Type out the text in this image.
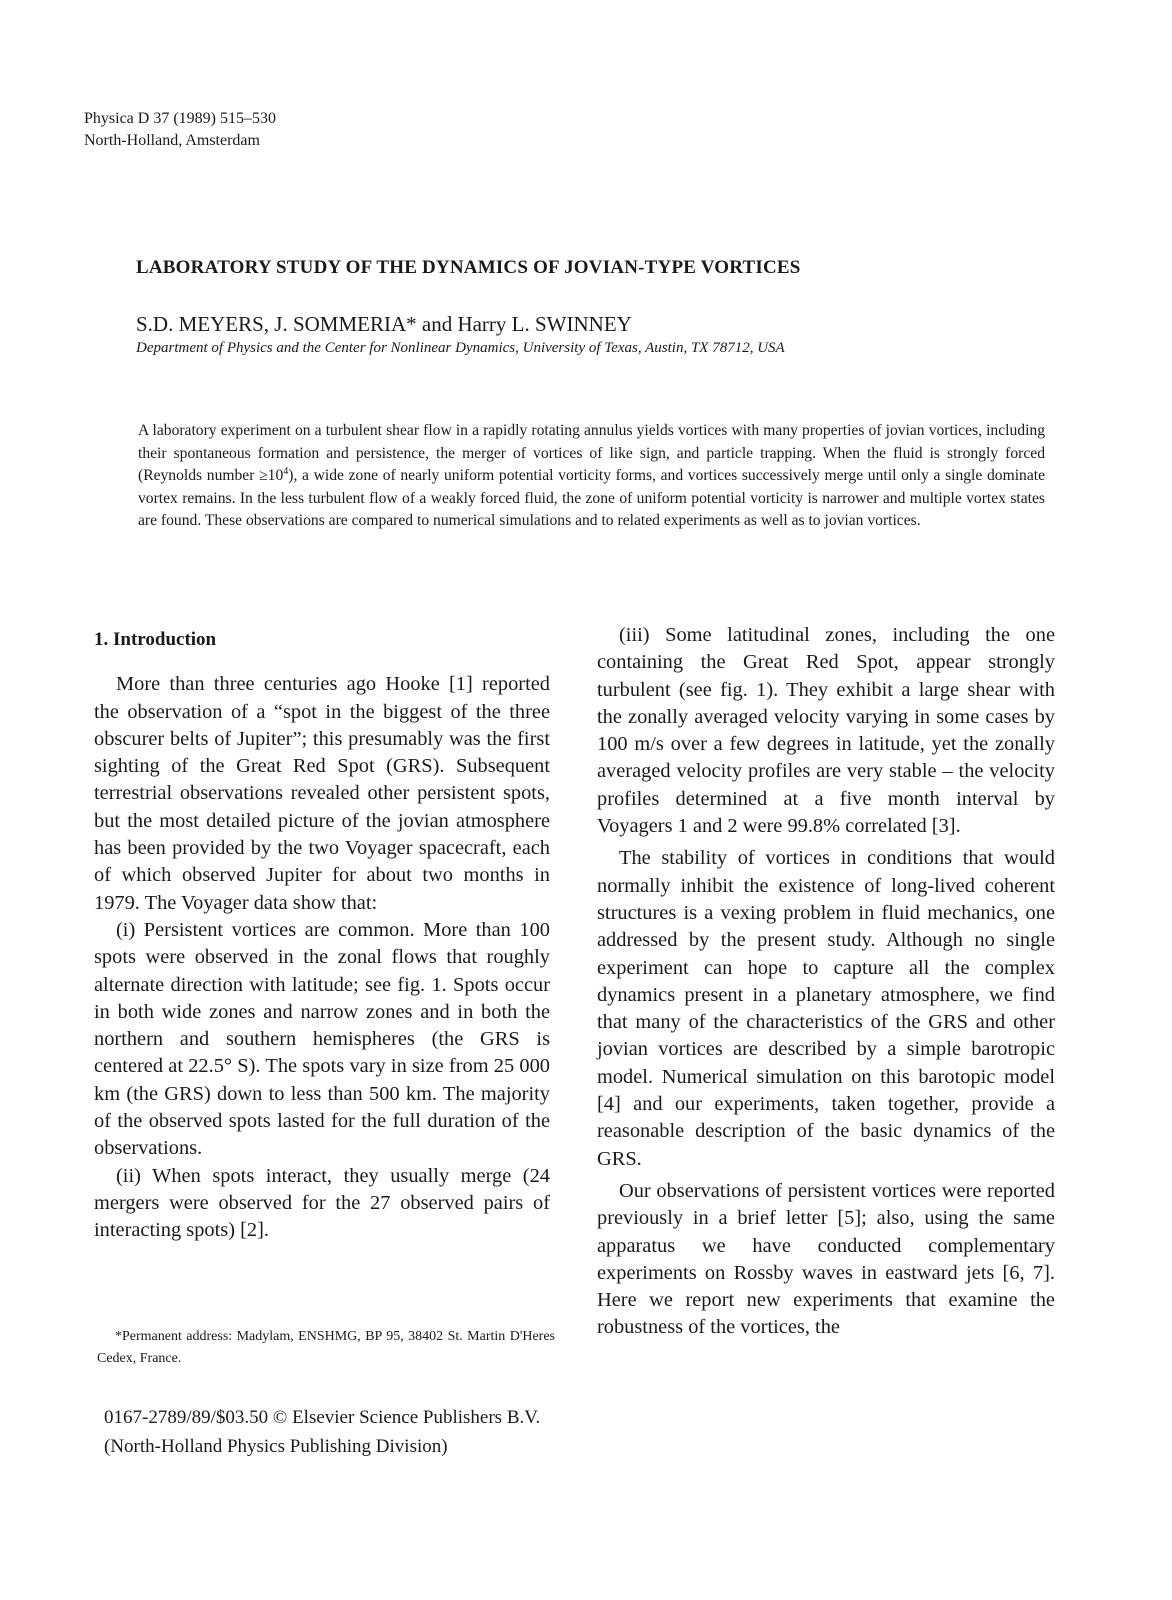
Physica D 37 (1989) 515–530
North-Holland, Amsterdam
LABORATORY STUDY OF THE DYNAMICS OF JOVIAN-TYPE VORTICES
S.D. MEYERS, J. SOMMERIA* and Harry L. SWINNEY
Department of Physics and the Center for Nonlinear Dynamics, University of Texas, Austin, TX 78712, USA
A laboratory experiment on a turbulent shear flow in a rapidly rotating annulus yields vortices with many properties of jovian vortices, including their spontaneous formation and persistence, the merger of vortices of like sign, and particle trapping. When the fluid is strongly forced (Reynolds number $\ge 10^4$), a wide zone of nearly uniform potential vorticity forms, and vortices successively merge until only a single dominate vortex remains. In the less turbulent flow of a weakly forced fluid, the zone of uniform potential vorticity is narrower and multiple vortex states are found. These observations are compared to numerical simulations and to related experiments as well as to jovian vortices.

1. Introduction

More than three centuries ago Hooke [1] reported the observation of a “spot in the biggest of the three obscurer belts of Jupiter”; this presumably was the first sighting of the Great Red Spot (GRS). Subsequent terrestrial observations revealed other persistent spots, but the most detailed picture of the jovian atmosphere has been provided by the two Voyager spacecraft, each of which observed Jupiter for about two months in 1979. The Voyager data show that:

(i) Persistent vortices are common. More than 100 spots were observed in the zonal flows that roughly alternate direction with latitude; see fig. 1. Spots occur in both wide zones and narrow zones and in both the northern and southern hemispheres (the GRS is centered at 22.5° S). The spots vary in size from 25 000 km (the GRS) down to less than 500 km. The majority of the observed spots lasted for the full duration of the observations.

(ii) When spots interact, they usually merge (24 mergers were observed for the 27 observed pairs of interacting spots) [2].

*Permanent address: Madylam, ENSHMG, BP 95, 38402 St. Martin D'Heres Cedex, France.
0167-2789/89/$03.50 © Elsevier Science Publishers B.V.
(North-Holland Physics Publishing Division)

(iii) Some latitudinal zones, including the one containing the Great Red Spot, appear strongly turbulent (see fig. 1). They exhibit a large shear with the zonally averaged velocity varying in some cases by 100 m/s over a few degrees in latitude, yet the zonally averaged velocity profiles are very stable – the velocity profiles determined at a five month interval by Voyagers 1 and 2 were 99.8% correlated [3].

The stability of vortices in conditions that would normally inhibit the existence of long-lived coherent structures is a vexing problem in fluid mechanics, one addressed by the present study. Although no single experiment can hope to capture all the complex dynamics present in a planetary atmosphere, we find that many of the characteristics of the GRS and other jovian vortices are described by a simple barotropic model. Numerical simulation on this barotopic model [4] and our experiments, taken together, provide a reasonable description of the basic dynamics of the GRS.

Our observations of persistent vortices were reported previously in a brief letter [5]; also, using the same apparatus we have conducted complementary experiments on Rossby waves in eastward jets [6, 7]. Here we report new experiments that examine the robustness of the vortices, the
